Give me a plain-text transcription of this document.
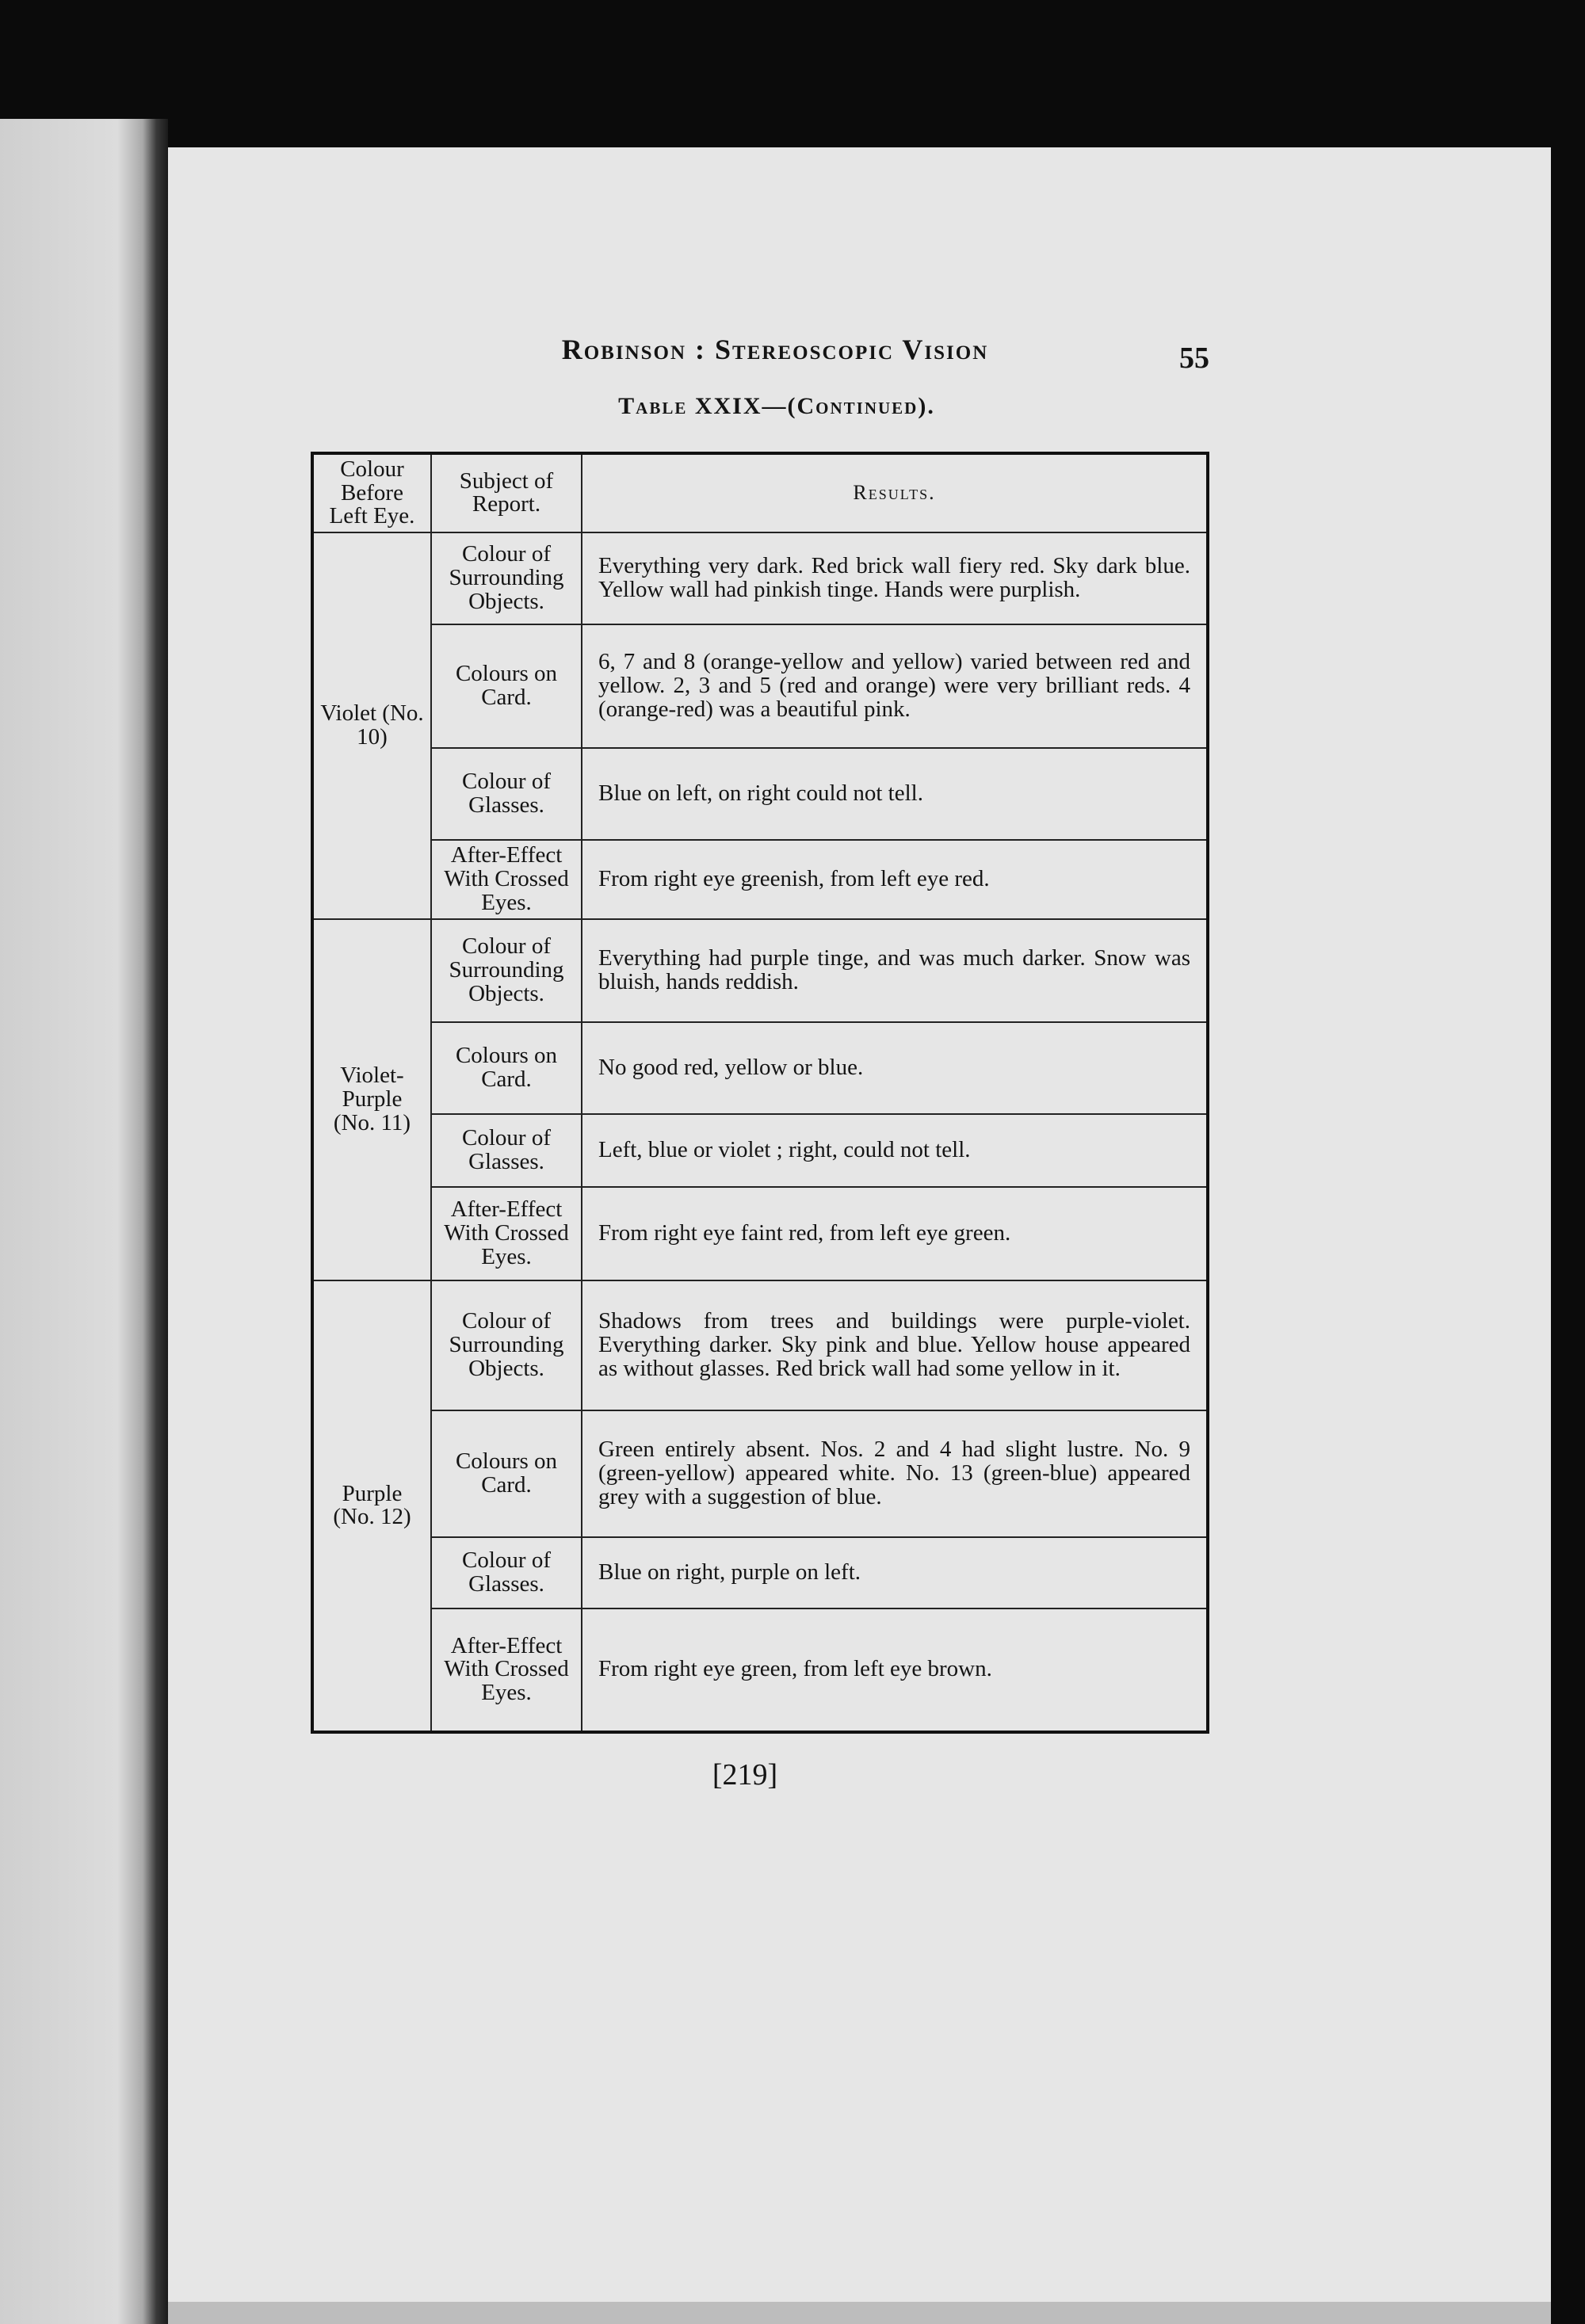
Robinson : Stereoscopic Vision	55
Table XXIX—(Continued).
Colour Before Left Eye.	Subject of Report.	Results.
Violet (No. 10)	Colour of Surrounding Objects.	Everything very dark. Red brick wall fiery red. Sky dark blue. Yellow wall had pinkish tinge. Hands were purplish.
	Colours on Card.	6, 7 and 8 (orange-yellow and yellow) varied between red and yellow. 2, 3 and 5 (red and orange) were very brilliant reds. 4 (orange-red) was a beautiful pink.
	Colour of Glasses.	Blue on left, on right could not tell.
	After-Effect With Crossed Eyes.	From right eye greenish, from left eye red.
Violet-Purple (No. 11)	Colour of Surrounding Objects.	Everything had purple tinge, and was much darker. Snow was bluish, hands reddish.
	Colours on Card.	No good red, yellow or blue.
	Colour of Glasses.	Left, blue or violet ; right, could not tell.
	After-Effect With Crossed Eyes.	From right eye faint red, from left eye green.
Purple (No. 12)	Colour of Surrounding Objects.	Shadows from trees and buildings were purple-violet. Everything darker. Sky pink and blue. Yellow house appeared as without glasses. Red brick wall had some yellow in it.
	Colours on Card.	Green entirely absent. Nos. 2 and 4 had slight lustre. No. 9 (green-yellow) appeared white. No. 13 (green-blue) appeared grey with a suggestion of blue.
	Colour of Glasses.	Blue on right, purple on left.
	After-Effect With Crossed Eyes.	From right eye green, from left eye brown.
[219]
